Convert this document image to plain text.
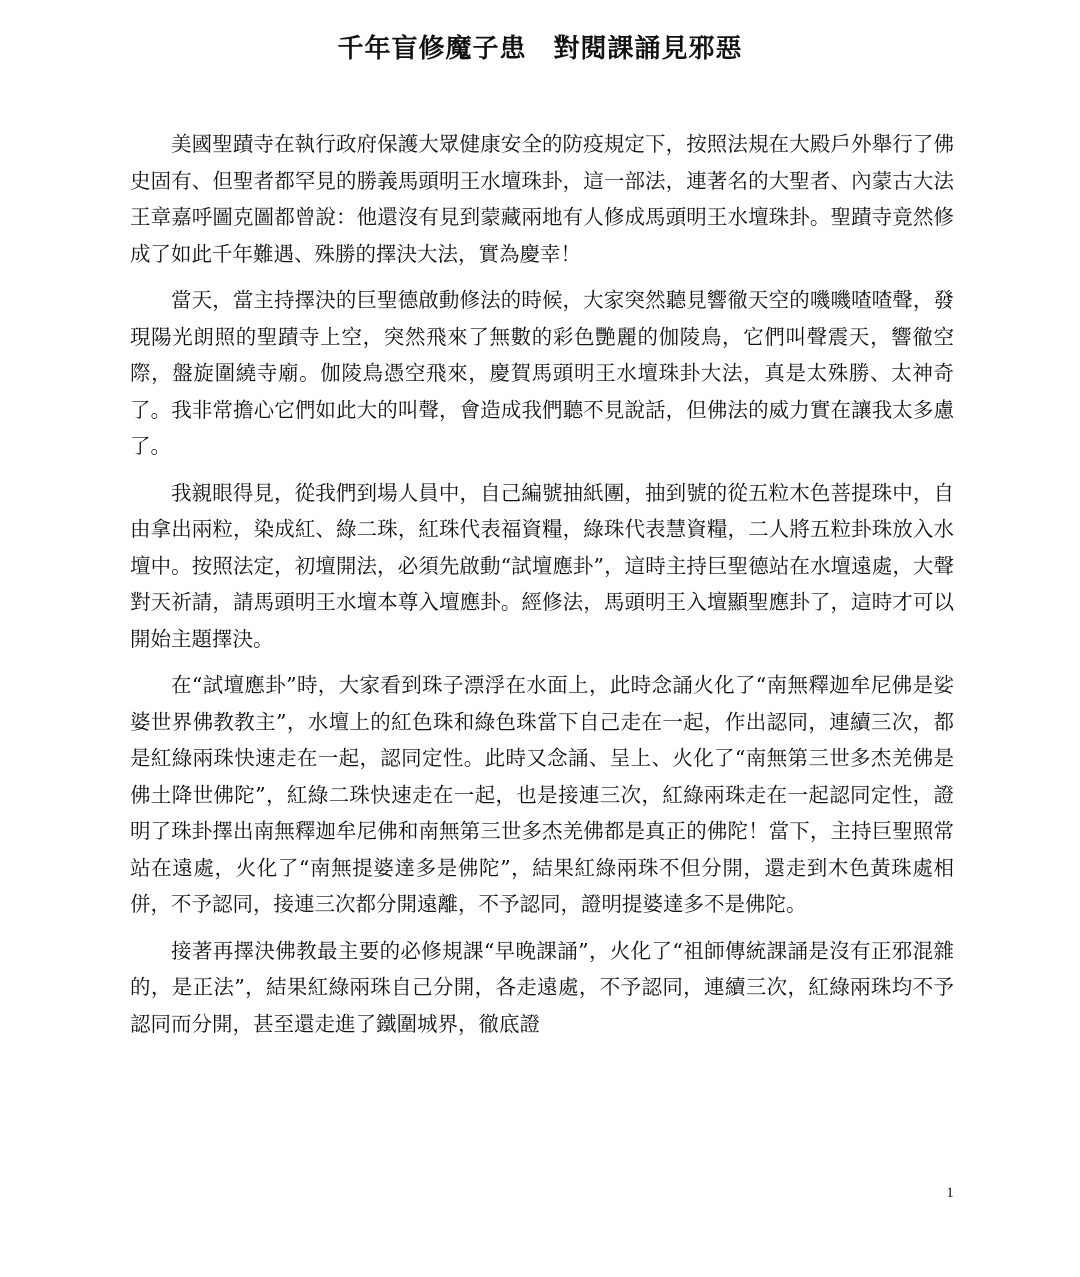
千年盲修魔子患　對閱課誦見邪惡

美國聖蹟寺在執行政府保護大眾健康安全的防疫規定下，按照法規在大殿戶外舉行了佛史固有、但聖者都罕見的勝義馬頭明王水壇珠卦，這一部法，連著名的大聖者、內蒙古大法王章嘉呼圖克圖都曾說：他還沒有見到蒙藏兩地有人修成馬頭明王水壇珠卦。聖蹟寺竟然修成了如此千年難遇、殊勝的擇決大法，實為慶幸！

當天，當主持擇決的巨聖德啟動修法的時候，大家突然聽見響徹天空的嘰嘰喳喳聲，發現陽光朗照的聖蹟寺上空，突然飛來了無數的彩色艷麗的伽陵鳥，它們叫聲震天，響徹空際，盤旋圍繞寺廟。伽陵鳥憑空飛來，慶賀馬頭明王水壇珠卦大法，真是太殊勝、太神奇了。我非常擔心它們如此大的叫聲，會造成我們聽不見說話，但佛法的威力實在讓我太多慮了。

我親眼得見，從我們到場人員中，自己編號抽紙團，抽到號的從五粒木色菩提珠中，自由拿出兩粒，染成紅、綠二珠，紅珠代表福資糧，綠珠代表慧資糧，二人將五粒卦珠放入水壇中。按照法定，初壇開法，必須先啟動“試壇應卦”，這時主持巨聖德站在水壇遠處，大聲對天祈請，請馬頭明王水壇本尊入壇應卦。經修法，馬頭明王入壇顯聖應卦了，這時才可以開始主題擇決。

在“試壇應卦”時，大家看到珠子漂浮在水面上，此時念誦火化了“南無釋迦牟尼佛是娑婆世界佛教教主”，水壇上的紅色珠和綠色珠當下自己走在一起，作出認同，連續三次，都是紅綠兩珠快速走在一起，認同定性。此時又念誦、呈上、火化了“南無第三世多杰羌佛是佛土降世佛陀”，紅綠二珠快速走在一起，也是接連三次，紅綠兩珠走在一起認同定性，證明了珠卦擇出南無釋迦牟尼佛和南無第三世多杰羌佛都是真正的佛陀！當下，主持巨聖照常站在遠處，火化了“南無提婆達多是佛陀”，結果紅綠兩珠不但分開，還走到木色黃珠處相併，不予認同，接連三次都分開遠離，不予認同，證明提婆達多不是佛陀。

接著再擇決佛教最主要的必修規課“早晚課誦”，火化了“祖師傳統課誦是沒有正邪混雜的，是正法”，結果紅綠兩珠自己分開，各走遠處，不予認同，連續三次，紅綠兩珠均不予認同而分開，甚至還走進了鐵圍城界，徹底證

1
